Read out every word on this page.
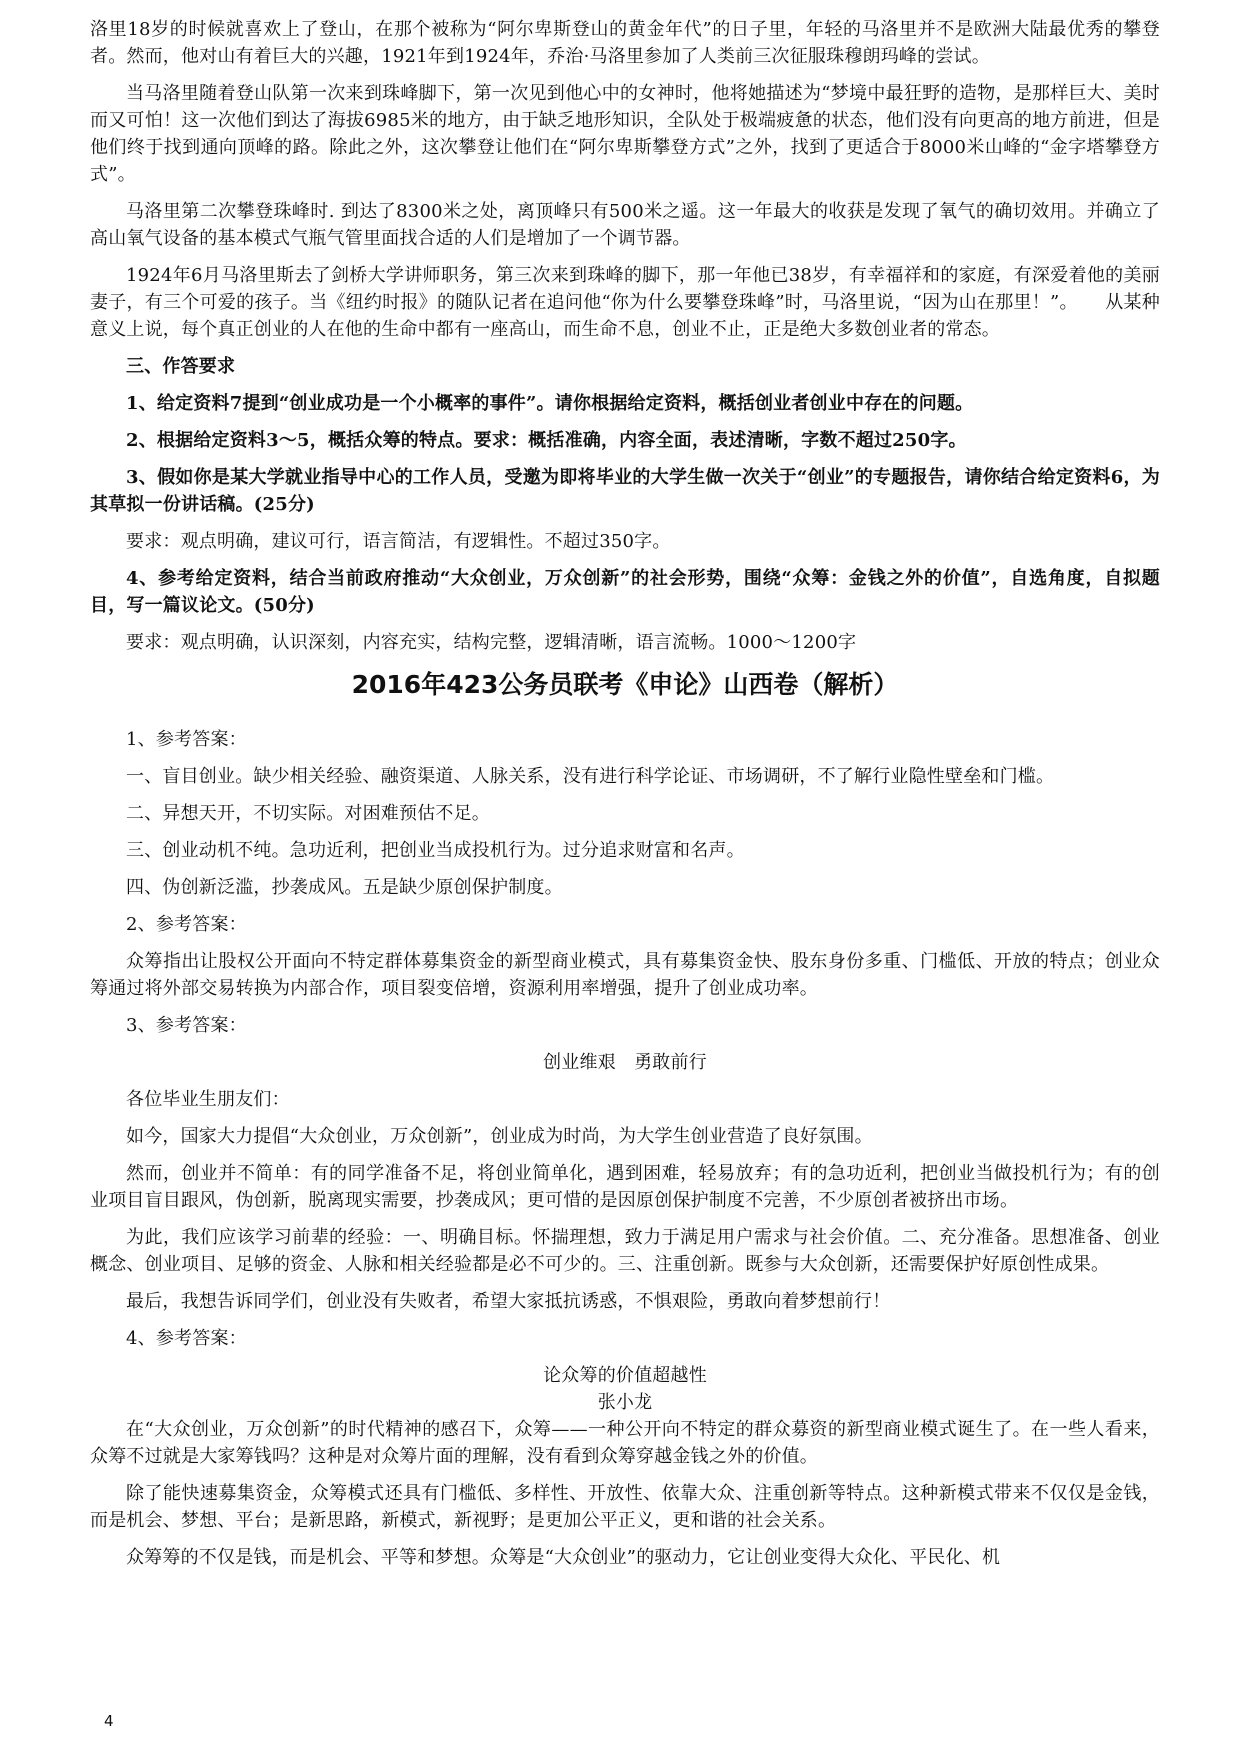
洛里18岁的时候就喜欢上了登山，在那个被称为“阿尔卑斯登山的黄金年代”的日子里，年轻的马洛里并不是欧洲大陆最优秀的攀登者。然而，他对山有着巨大的兴趣，1921年到1924年，乔治·马洛里参加了人类前三次征服珠穆朗玛峰的尝试。

当马洛里随着登山队第一次来到珠峰脚下，第一次见到他心中的女神时，他将她描述为“梦境中最狂野的造物，是那样巨大、美时而又可怕！这一次他们到达了海拔6985米的地方，由于缺乏地形知识，全队处于极端疲惫的状态，他们没有向更高的地方前进，但是他们终于找到通向顶峰的路。除此之外，这次攀登让他们在“阿尔卑斯攀登方式”之外，找到了更适合于8000米山峰的“金字塔攀登方式”。

马洛里第二次攀登珠峰时. 到达了8300米之处，离顶峰只有500米之遥。这一年最大的收获是发现了氧气的确切效用。并确立了高山氧气设备的基本模式气瓶气管里面找合适的人们是增加了一个调节器。

1924年6月马洛里斯去了剑桥大学讲师职务，第三次来到珠峰的脚下，那一年他已38岁，有幸福祥和的家庭，有深爱着他的美丽妻子，有三个可爱的孩子。当《纽约时报》的随队记者在追问他“你为什么要攀登珠峰”时，马洛里说，“因为山在那里！”。　　从某种意义上说，每个真正创业的人在他的生命中都有一座高山，而生命不息，创业不止，正是绝大多数创业者的常态。

三、作答要求

1、给定资料7提到“创业成功是一个小概率的事件”。请你根据给定资料，概括创业者创业中存在的问题。

2、根据给定资料3～5，概括众筹的特点。要求：概括准确，内容全面，表述清晰，字数不超过250字。

3、假如你是某大学就业指导中心的工作人员，受邀为即将毕业的大学生做一次关于“创业”的专题报告，请你结合给定资料6，为其草拟一份讲话稿。(25分)

要求：观点明确，建议可行，语言简洁，有逻辑性。不超过350字。

4、参考给定资料，结合当前政府推动“大众创业，万众创新”的社会形势，围绕“众筹：金钱之外的价值”，自选角度，自拟题目，写一篇议论文。(50分)

要求：观点明确，认识深刻，内容充实，结构完整，逻辑清晰，语言流畅。1000～1200字

2016年423公务员联考《申论》山西卷（解析）

1、参考答案：

一、盲目创业。缺少相关经验、融资渠道、人脉关系，没有进行科学论证、市场调研，不了解行业隐性壁垒和门槛。

二、异想天开，不切实际。对困难预估不足。

三、创业动机不纯。急功近利，把创业当成投机行为。过分追求财富和名声。

四、伪创新泛滥，抄袭成风。五是缺少原创保护制度。

2、参考答案：

众筹指出让股权公开面向不特定群体募集资金的新型商业模式，具有募集资金快、股东身份多重、门槛低、开放的特点；创业众筹通过将外部交易转换为内部合作，项目裂变倍增，资源利用率增强，提升了创业成功率。

3、参考答案：

创业维艰　勇敢前行

各位毕业生朋友们：

如今，国家大力提倡“大众创业，万众创新”，创业成为时尚，为大学生创业营造了良好氛围。

然而，创业并不简单：有的同学准备不足，将创业简单化，遇到困难，轻易放弃；有的急功近利，把创业当做投机行为；有的创业项目盲目跟风，伪创新，脱离现实需要，抄袭成风；更可惜的是因原创保护制度不完善，不少原创者被挤出市场。

为此，我们应该学习前辈的经验：一、明确目标。怀揣理想，致力于满足用户需求与社会价值。二、充分准备。思想准备、创业概念、创业项目、足够的资金、人脉和相关经验都是必不可少的。三、注重创新。既参与大众创新，还需要保护好原创性成果。

最后，我想告诉同学们，创业没有失败者，希望大家抵抗诱惑，不惧艰险，勇敢向着梦想前行！

4、参考答案：

论众筹的价值超越性

张小龙

在“大众创业，万众创新”的时代精神的感召下，众筹——一种公开向不特定的群众募资的新型商业模式诞生了。在一些人看来，众筹不过就是大家筹钱吗？这种是对众筹片面的理解，没有看到众筹穿越金钱之外的价值。

除了能快速募集资金，众筹模式还具有门槛低、多样性、开放性、依靠大众、注重创新等特点。这种新模式带来不仅仅是金钱，而是机会、梦想、平台；是新思路，新模式，新视野；是更加公平正义，更和谐的社会关系。

众筹筹的不仅是钱，而是机会、平等和梦想。众筹是“大众创业”的驱动力，它让创业变得大众化、平民化、机

4
